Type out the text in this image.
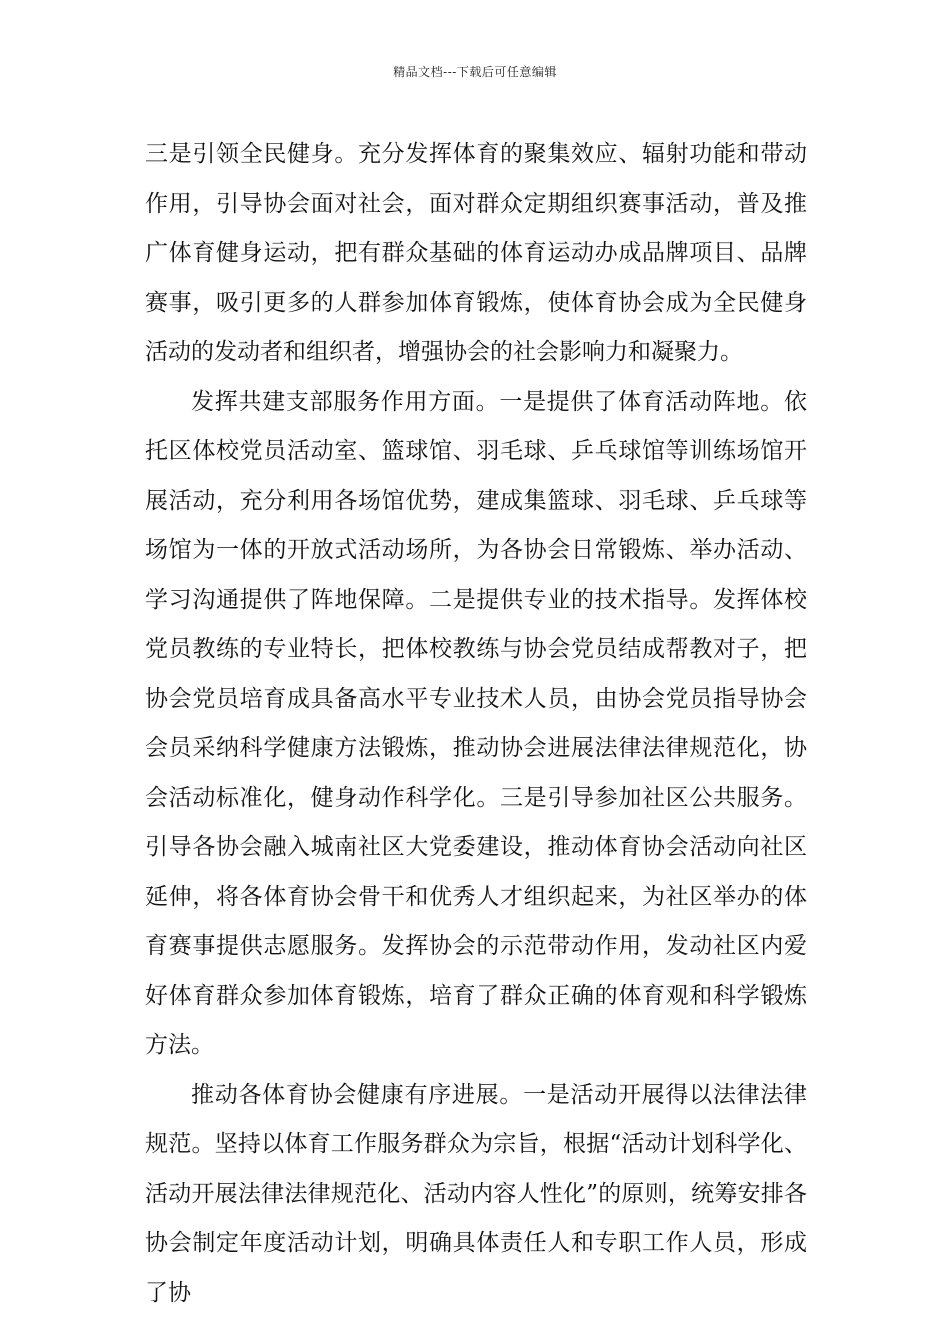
精品文档---下载后可任意编辑

三是引领全民健身。充分发挥体育的聚集效应、辐射功能和带动作用，引导协会面对社会，面对群众定期组织赛事活动，普及推广体育健身运动，把有群众基础的体育运动办成品牌项目、品牌赛事，吸引更多的人群参加体育锻炼，使体育协会成为全民健身活动的发动者和组织者，增强协会的社会影响力和凝聚力。

发挥共建支部服务作用方面。一是提供了体育活动阵地。依托区体校党员活动室、篮球馆、羽毛球、乒乓球馆等训练场馆开展活动，充分利用各场馆优势，建成集篮球、羽毛球、乒乓球等场馆为一体的开放式活动场所，为各协会日常锻炼、举办活动、学习沟通提供了阵地保障。二是提供专业的技术指导。发挥体校党员教练的专业特长，把体校教练与协会党员结成帮教对子，把协会党员培育成具备高水平专业技术人员，由协会党员指导协会会员采纳科学健康方法锻炼，推动协会进展法律法律规范化，协会活动标准化，健身动作科学化。三是引导参加社区公共服务。引导各协会融入城南社区大党委建设，推动体育协会活动向社区延伸，将各体育协会骨干和优秀人才组织起来，为社区举办的体育赛事提供志愿服务。发挥协会的示范带动作用，发动社区内爱好体育群众参加体育锻炼，培育了群众正确的体育观和科学锻炼方法。

推动各体育协会健康有序进展。一是活动开展得以法律法律规范。坚持以体育工作服务群众为宗旨，根据“活动计划科学化、活动开展法律法律规范化、活动内容人性化”的原则，统筹安排各协会制定年度活动计划，明确具体责任人和专职工作人员，形成了协
